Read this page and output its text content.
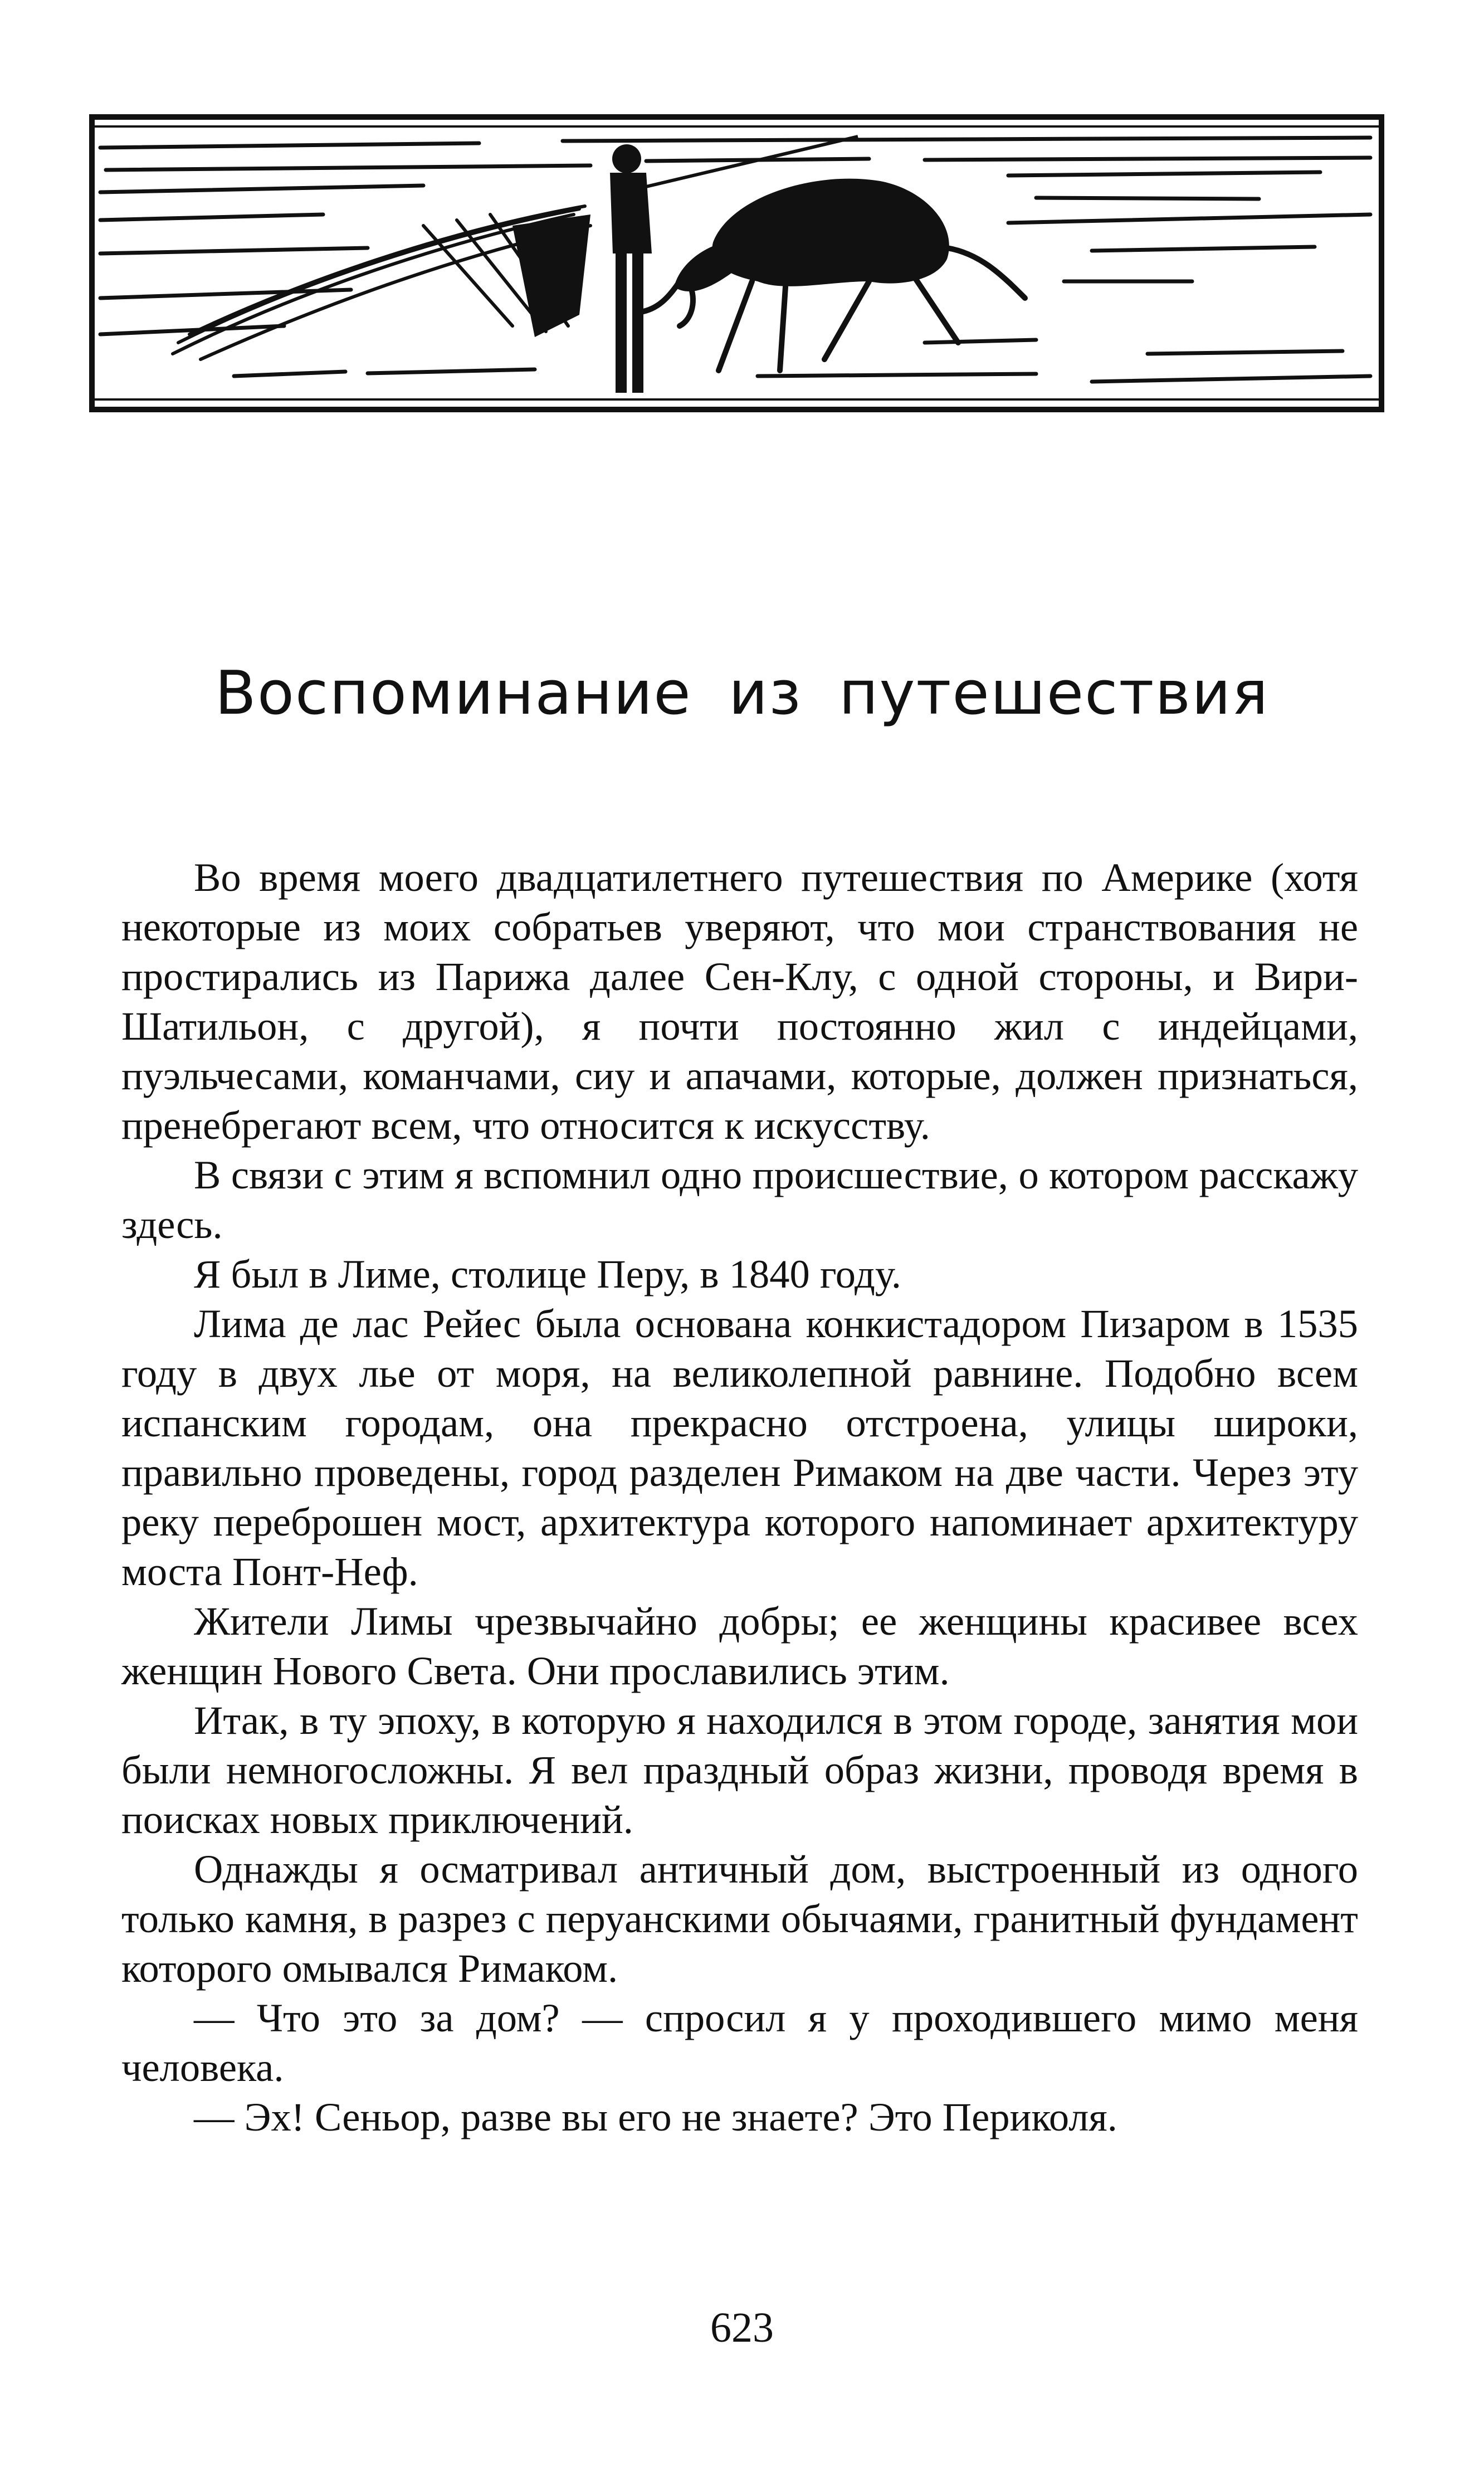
Воспоминание из путешествия

Во время моего двадцатилетнего путешествия по Америке (хотя некоторые из моих собратьев уверяют, что мои странствования не простирались из Парижа далее Сен-Клу, с одной стороны, и Вири-Шатильон, с другой), я почти постоянно жил с индейцами, пуэльчесами, команчами, сиу и апачами, которые, должен признаться, пренебрегают всем, что относится к искусству.

В связи с этим я вспомнил одно происшествие, о котором расскажу здесь.

Я был в Лиме, столице Перу, в 1840 году.

Лима де лас Рейес была основана конкистадором Пизаром в 1535 году в двух лье от моря, на великолепной равнине. Подобно всем испанским городам, она прекрасно отстроена, улицы широки, правильно проведены, город разделен Римаком на две части. Через эту реку переброшен мост, архитектура которого напоминает архитектуру моста Понт-Неф.

Жители Лимы чрезвычайно добры; ее женщины красивее всех женщин Нового Света. Они прославились этим.

Итак, в ту эпоху, в которую я находился в этом городе, занятия мои были немногосложны. Я вел праздный образ жизни, проводя время в поисках новых приключений.

Однажды я осматривал античный дом, выстроенный из одного только камня, в разрез с перуанскими обычаями, гранитный фундамент которого омывался Римаком.

— Что это за дом? — спросил я у проходившего мимо меня человека.

— Эх! Сеньор, разве вы его не знаете? Это Периколя.

623
